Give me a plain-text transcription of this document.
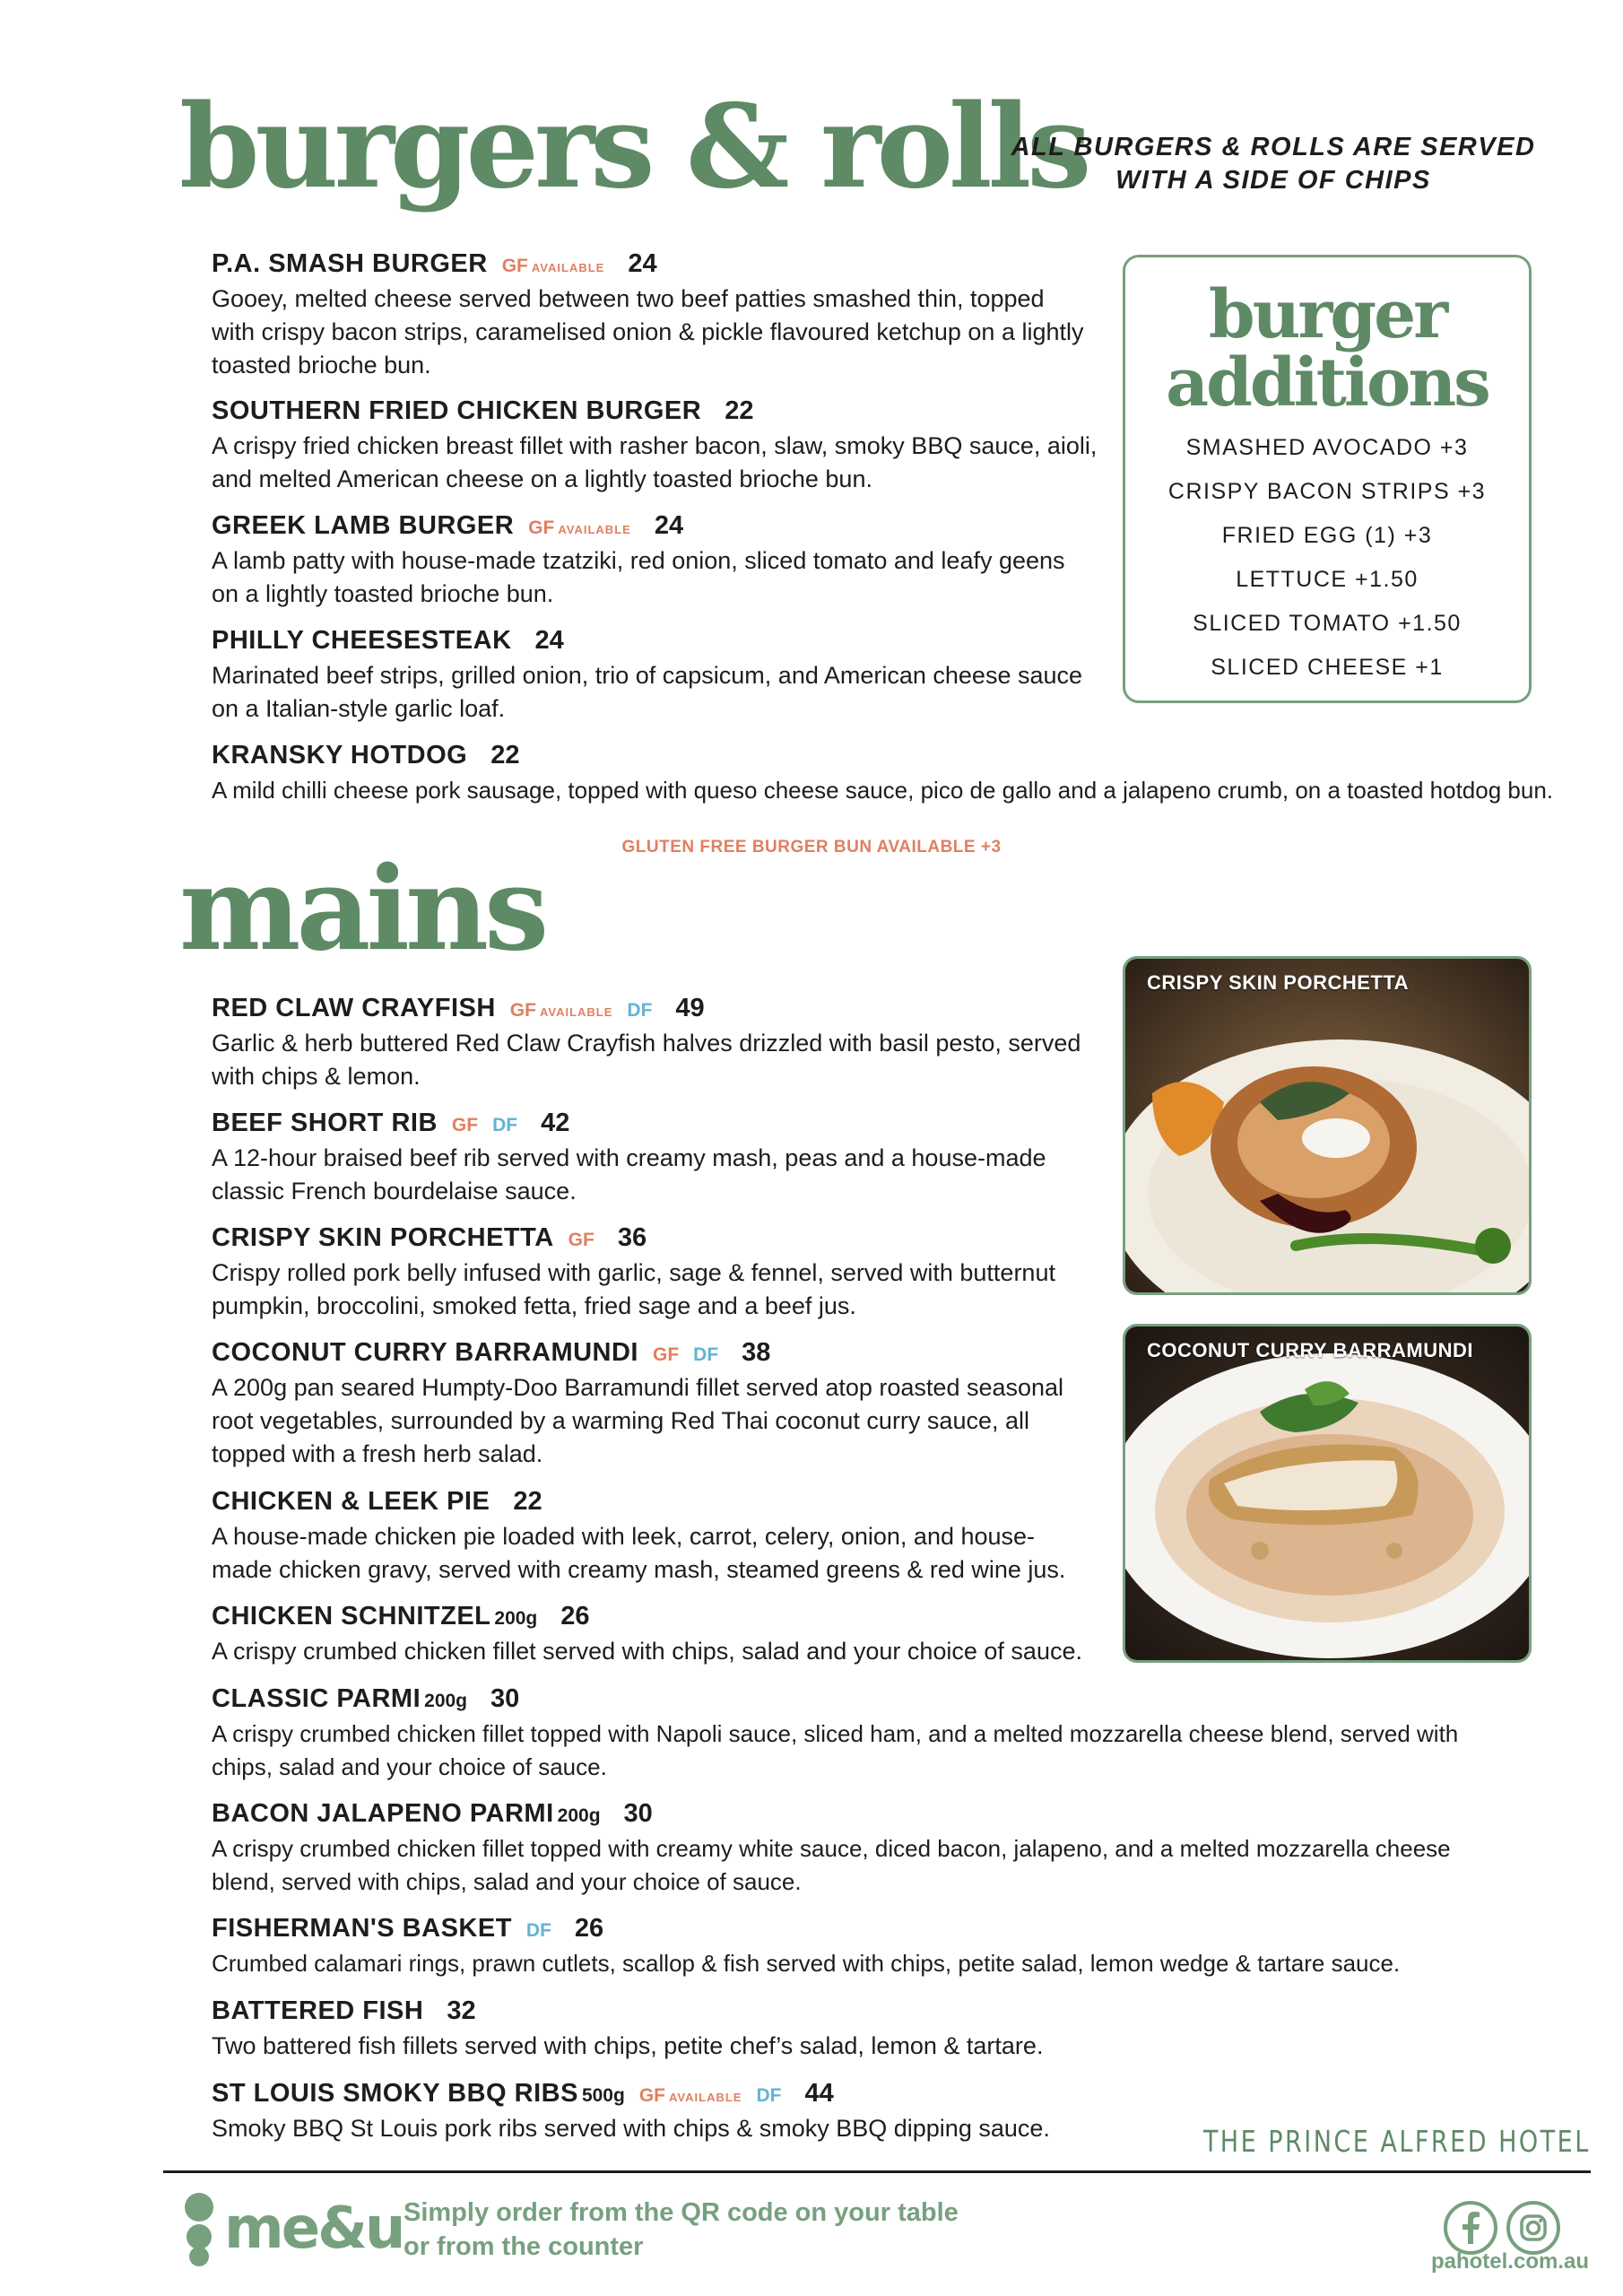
burgers & rolls
ALL BURGERS & ROLLS ARE SERVED
WITH A SIDE OF CHIPS
P.A. SMASH BURGER GF AVAILABLE 24
Gooey, melted cheese served between two beef patties smashed thin, topped
with crispy bacon strips, caramelised onion & pickle flavoured ketchup on a lightly
toasted brioche bun.
SOUTHERN FRIED CHICKEN BURGER 22
A crispy fried chicken breast fillet with rasher bacon, slaw, smoky BBQ sauce, aioli,
and melted American cheese on a lightly toasted brioche bun.
GREEK LAMB BURGER GF AVAILABLE 24
A lamb patty with house-made tzatziki, red onion, sliced tomato and leafy geens
on a lightly toasted brioche bun.
PHILLY CHEESESTEAK 24
Marinated beef strips, grilled onion, trio of capsicum, and American cheese sauce
on a Italian-style garlic loaf.
KRANSKY HOTDOG 22
A mild chilli cheese pork sausage, topped with queso cheese sauce, pico de gallo and a jalapeno crumb, on a toasted hotdog bun.
burger
additions
SMASHED AVOCADO +3
CRISPY BACON STRIPS +3
FRIED EGG (1) +3
LETTUCE +1.50
SLICED TOMATO +1.50
SLICED CHEESE +1
GLUTEN FREE BURGER BUN AVAILABLE +3
mains
RED CLAW CRAYFISH GF AVAILABLE DF 49
Garlic & herb buttered Red Claw Crayfish halves drizzled with basil pesto, served
with chips & lemon.
BEEF SHORT RIB GF DF 42
A 12-hour braised beef rib served with creamy mash, peas and a house-made
classic French bourdelaise sauce.
CRISPY SKIN PORCHETTA GF 36
Crispy rolled pork belly infused with garlic, sage & fennel, served with butternut
pumpkin, broccolini, smoked fetta, fried sage and a beef jus.
COCONUT CURRY BARRAMUNDI GF DF 38
A 200g pan seared Humpty-Doo Barramundi fillet served atop roasted seasonal
root vegetables, surrounded by a warming Red Thai coconut curry sauce, all
topped with a fresh herb salad.
CHICKEN & LEEK PIE 22
A house-made chicken pie loaded with leek, carrot, celery, onion, and house-
made chicken gravy, served with creamy mash, steamed greens & red wine jus.
CHICKEN SCHNITZEL 200g 26
A crispy crumbed chicken fillet served with chips, salad and your choice of sauce.
CLASSIC PARMI 200g 30
A crispy crumbed chicken fillet topped with Napoli sauce, sliced ham, and a melted mozzarella cheese blend, served with
chips, salad and your choice of sauce.
BACON JALAPENO PARMI 200g 30
A crispy crumbed chicken fillet topped with creamy white sauce, diced bacon, jalapeno, and a melted mozzarella cheese
blend, served with chips, salad and your choice of sauce.
FISHERMAN'S BASKET DF 26
Crumbed calamari rings, prawn cutlets, scallop & fish served with chips, petite salad, lemon wedge & tartare sauce.
BATTERED FISH 32
Two battered fish fillets served with chips, petite chef’s salad, lemon & tartare.
ST LOUIS SMOKY BBQ RIBS 500g GF AVAILABLE DF 44
Smoky BBQ St Louis pork ribs served with chips & smoky BBQ dipping sauce.
CRISPY SKIN PORCHETTA
COCONUT CURRY BARRAMUNDI
THE PRINCE ALFRED HOTEL
me&u Simply order from the QR code on your table
or from the counter
pahotel.com.au
